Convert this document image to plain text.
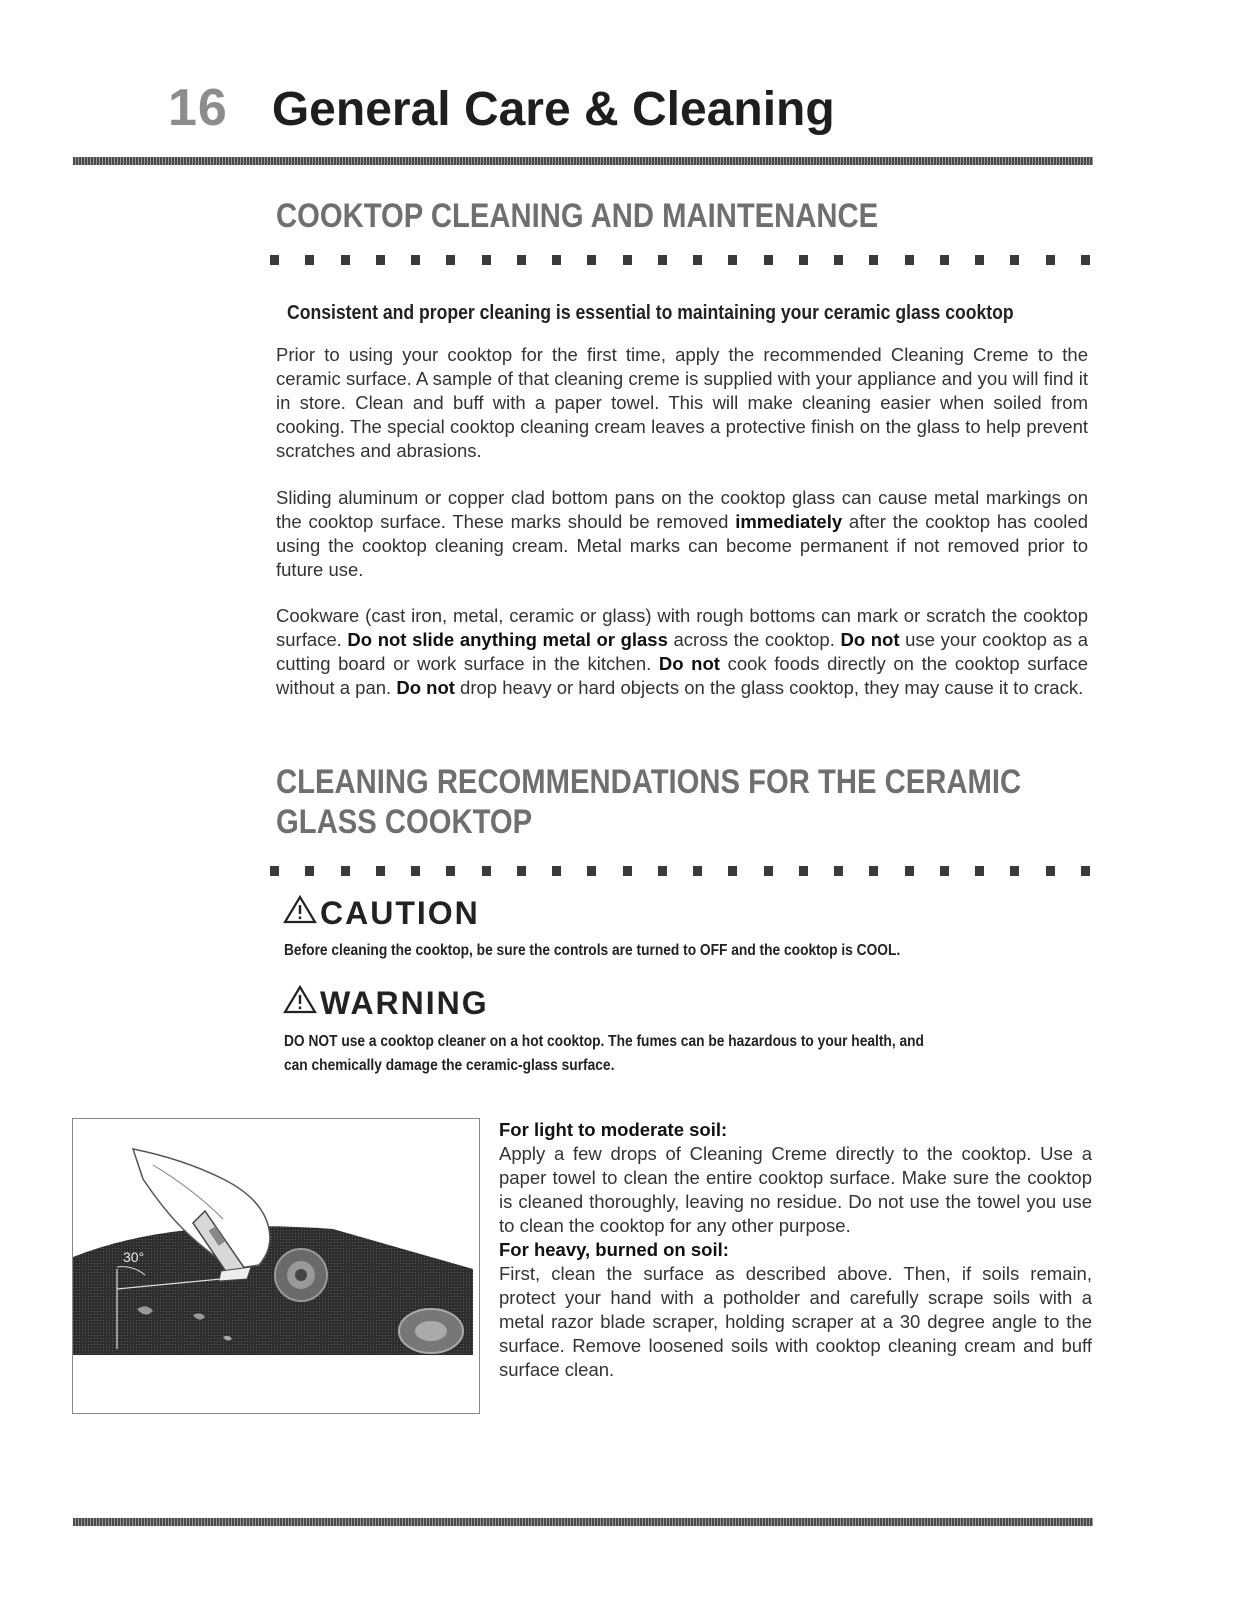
16 General Care & Cleaning
COOKTOP CLEANING AND MAINTENANCE
Consistent and proper cleaning is essential to maintaining your ceramic glass cooktop

Prior to using your cooktop for the first time, apply the recommended Cleaning Creme to the ceramic surface. A sample of that cleaning creme is supplied with your appliance and you will find it in store. Clean and buff with a paper towel. This will make cleaning easier when soiled from cooking. The special cooktop cleaning cream leaves a protective finish on the glass to help prevent scratches and abrasions.

Sliding aluminum or copper clad bottom pans on the cooktop glass can cause metal markings on the cooktop surface. These marks should be removed immediately after the cooktop has cooled using the cooktop cleaning cream. Metal marks can become permanent if not removed prior to future use.

Cookware (cast iron, metal, ceramic or glass) with rough bottoms can mark or scratch the cooktop surface. Do not slide anything metal or glass across the cooktop. Do not use your cooktop as a cutting board or work surface in the kitchen. Do not cook foods directly on the cooktop surface without a pan. Do not drop heavy or hard objects on the glass cooktop, they may cause it to crack.

CLEANING RECOMMENDATIONS FOR THE CERAMIC
GLASS COOKTOP
CAUTION
Before cleaning the cooktop, be sure the controls are turned to OFF and the cooktop is COOL.
WARNING
DO NOT use a cooktop cleaner on a hot cooktop. The fumes can be hazardous to your health, and
can chemically damage the ceramic-glass surface.
30°
For light to moderate soil:

Apply a few drops of Cleaning Creme directly to the cooktop. Use a paper towel to clean the entire cooktop surface. Make sure the cooktop is cleaned thoroughly, leaving no residue. Do not use the towel you use to clean the cooktop for any other purpose.

For heavy, burned on soil:

First, clean the surface as described above. Then, if soils remain, protect your hand with a potholder and carefully scrape soils with a metal razor blade scraper, holding scraper at a 30 degree angle to the surface. Remove loosened soils with cooktop cleaning cream and buff surface clean.
